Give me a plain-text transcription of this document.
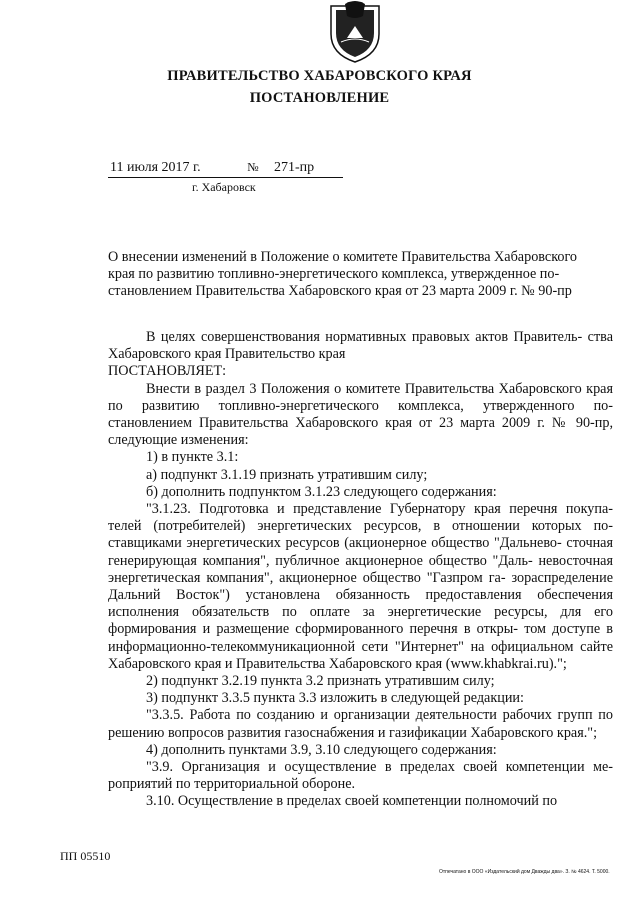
ПРАВИТЕЛЬСТВО ХАБАРОВСКОГО КРАЯ
ПОСТАНОВЛЕНИЕ
11 июля 2017 г.	№ 271-пр
г. Хабаровск

О внесении изменений в Положение о комитете Правительства Хабаровского

края по развитию топливно-энергетического комплекса, утвержденное по-

становлением Правительства Хабаровского края от 23 марта 2009 г. № 90-пр

В целях совершенствования нормативных правовых актов Правитель- ства Хабаровского края Правительство края

ПОСТАНОВЛЯЕТ:

Внести в раздел 3 Положения о комитете Правительства Хабаровского края по развитию топливно-энергетического комплекса, утвержденного по- становлением Правительства Хабаровского края от 23 марта 2009 г. № 90-пр, следующие изменения:

1) в пункте 3.1:

а) подпункт 3.1.19 признать утратившим силу;

б) дополнить подпунктом 3.1.23 следующего содержания:

"3.1.23. Подготовка и представление Губернатору края перечня покупа- телей (потребителей) энергетических ресурсов, в отношении которых по- ставщиками энергетических ресурсов (акционерное общество "Дальнево- сточная генерирующая компания", публичное акционерное общество "Даль- невосточная энергетическая компания", акционерное общество "Газпром га- зораспределение Дальний Восток") установлена обязанность предоставления обеспечения исполнения обязательств по оплате за энергетические ресурсы, для его формирования и размещение сформированного перечня в откры- том доступе в информационно-телекоммуникационной сети "Интернет" на официальном сайте Хабаровского края и Правительства Хабаровского края (www.khabkrai.ru).";

2) подпункт 3.2.19 пункта 3.2 признать утратившим силу;

3) подпункт 3.3.5 пункта 3.3 изложить в следующей редакции:

"3.3.5. Работа по созданию и организации деятельности рабочих групп по решению вопросов развития газоснабжения и газификации Хабаровского края.";

4) дополнить пунктами 3.9, 3.10 следующего содержания:

"3.9. Организация и осуществление в пределах своей компетенции ме- роприятий по территориальной обороне.

3.10. Осуществление в пределах своей компетенции полномочий по

ПП 05510
Отпечатано в ООО «Издательский дом Дважды два». З. № 4624. Т. 5000.
